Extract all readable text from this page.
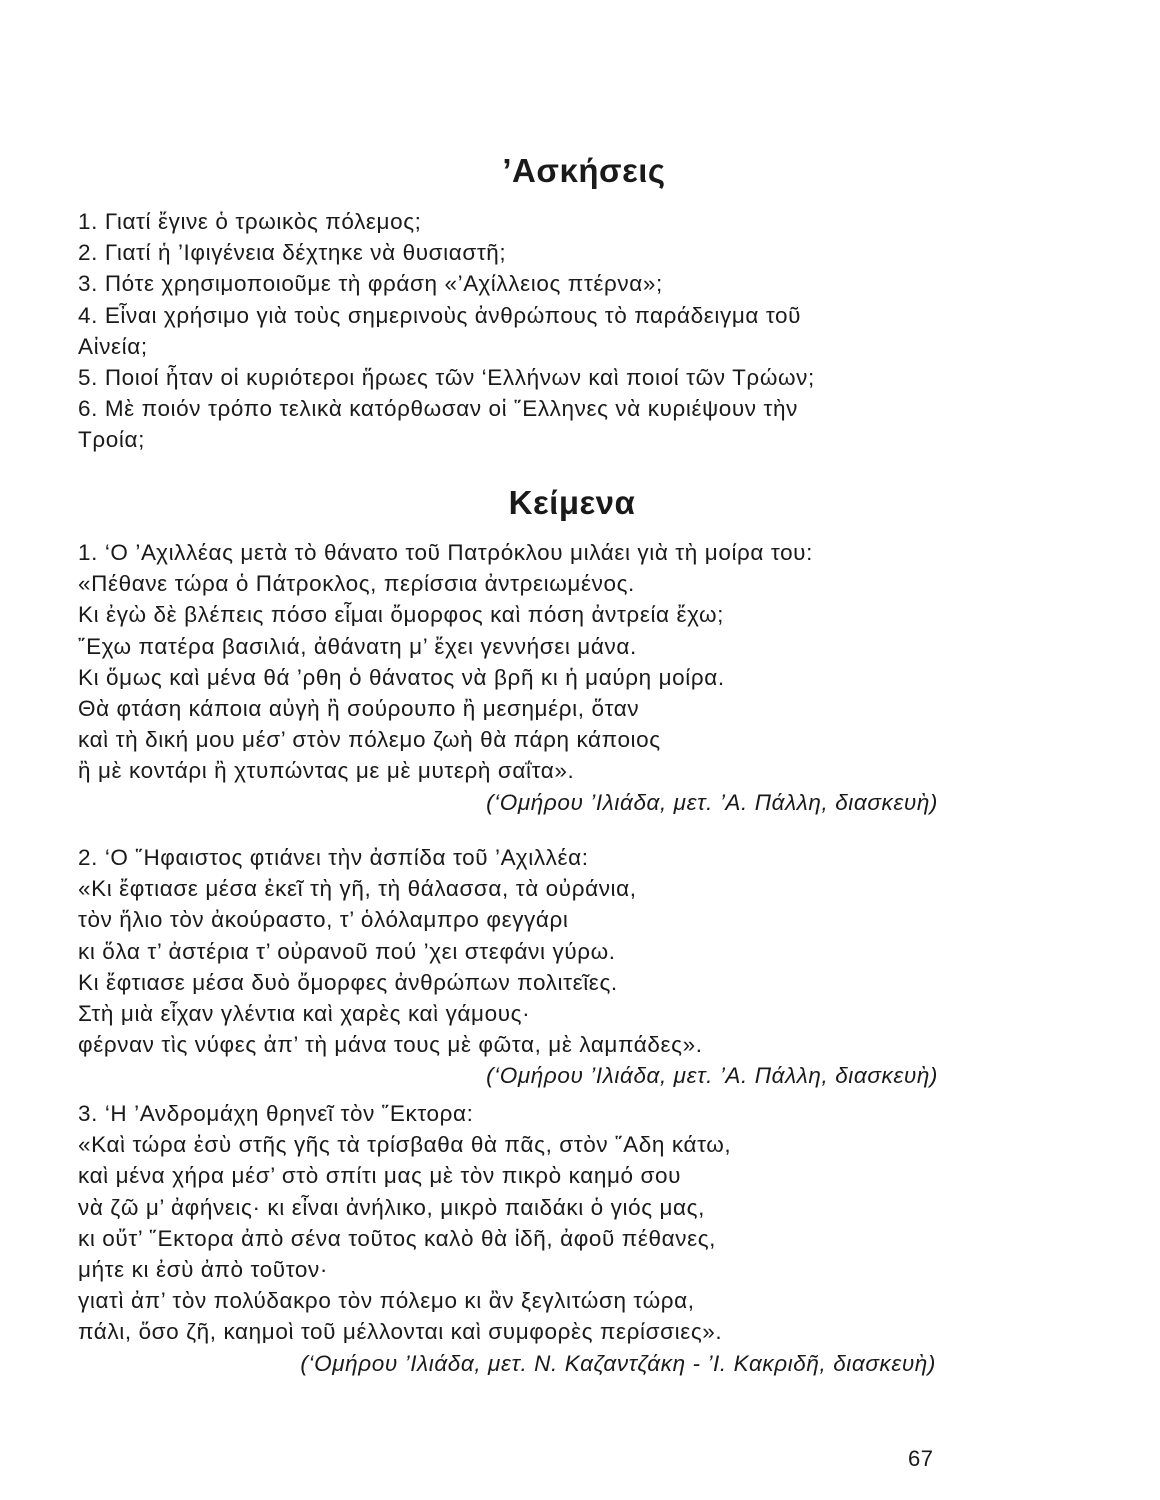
’Ασκήσεις
1. Γιατί ἔγινε ὁ τρωικὸς πόλεμος;
2. Γιατί ἡ ’Ιφιγένεια δέχτηκε νὰ θυσιαστῆ;
3. Πότε χρησιμοποιοῦμε τὴ φράση «’Αχίλλειος πτέρνα»;
4. Εἶναι χρήσιμο γιὰ τοὺς σημερινοὺς ἀνθρώπους τὸ παράδειγμα τοῦ
Αἰνεία;
5. Ποιοί ἦταν οἱ κυριότεροι ἥρωες τῶν ‘Ελλήνων καὶ ποιοί τῶν Τρώων;
6. Μὲ ποιόν τρόπο τελικὰ κατόρθωσαν οἱ ῞Ελληνες νὰ κυριέψουν τὴν
Τροία;
Κείμενα
1. ‘Ο ’Αχιλλέας μετὰ τὸ θάνατο τοῦ Πατρόκλου μιλάει γιὰ τὴ μοίρα του:
«Πέθανε τώρα ὁ Πάτροκλος, περίσσια ἀντρειωμένος.
Κι ἐγὼ δὲ βλέπεις πόσο εἶμαι ὄμορφος καὶ πόση ἀντρεία ἔχω;
῎Εχω πατέρα βασιλιά, ἀθάνατη μ’ ἔχει γεννήσει μάνα.
Κι ὅμως καὶ μένα θά ’ρθη ὁ θάνατος νὰ βρῆ κι ἡ μαύρη μοίρα.
Θὰ φτάση κάποια αὐγὴ ἢ σούρουπο ἢ μεσημέρι, ὅταν
καὶ τὴ δική μου μέσ’ στὸν πόλεμο ζωὴ θὰ πάρη κάποιος
ἢ μὲ κοντάρι ἢ χτυπώντας με μὲ μυτερὴ σαΐτα».
(‘Ομήρου ’Ιλιάδα, μετ. ’Α. Πάλλη, διασκευὴ)
2. ‘Ο ῞Ηφαιστος φτιάνει τὴν ἀσπίδα τοῦ ’Αχιλλέα:
«Κι ἔφτιασε μέσα ἐκεῖ τὴ γῆ, τὴ θάλασσα, τὰ οὐράνια,
τὸν ἥλιο τὸν ἀκούραστο, τ’ ὁλόλαμπρο φεγγάρι
κι ὅλα τ’ ἀστέρια τ’ οὐρανοῦ πού ’χει στεφάνι γύρω.
Κι ἔφτιασε μέσα δυὸ ὄμορφες ἀνθρώπων πολιτεῖες.
Στὴ μιὰ εἶχαν γλέντια καὶ χαρὲς καὶ γάμους·
φέρναν τὶς νύφες ἀπ’ τὴ μάνα τους μὲ φῶτα, μὲ λαμπάδες».
(‘Ομήρου ’Ιλιάδα, μετ. ’Α. Πάλλη, διασκευὴ)
3. ‘Η ’Ανδρομάχη θρηνεῖ τὸν ῞Εκτορα:
«Καὶ τώρα ἐσὺ στῆς γῆς τὰ τρίσβαθα θὰ πᾶς, στὸν ῞Αδη κάτω,
καὶ μένα χήρα μέσ’ στὸ σπίτι μας μὲ τὸν πικρὸ καημό σου
νὰ ζῶ μ’ ἀφήνεις· κι εἶναι ἀνήλικο, μικρὸ παιδάκι ὁ γιός μας,
κι οὔτ’ ῞Εκτορα ἀπὸ σένα τοῦτος καλὸ θὰ ἰδῆ, ἀφοῦ πέθανες,
μήτε κι ἐσὺ ἀπὸ τοῦτον·
γιατὶ ἀπ’ τὸν πολύδακρο τὸν πόλεμο κι ἂν ξεγλιτώση τώρα,
πάλι, ὅσο ζῆ, καημοὶ τοῦ μέλλονται καὶ συμφορὲς περίσσιες».
(‘Ομήρου ’Ιλιάδα, μετ. Ν. Καζαντζάκη - ’Ι. Κακριδῆ, διασκευὴ)
67
